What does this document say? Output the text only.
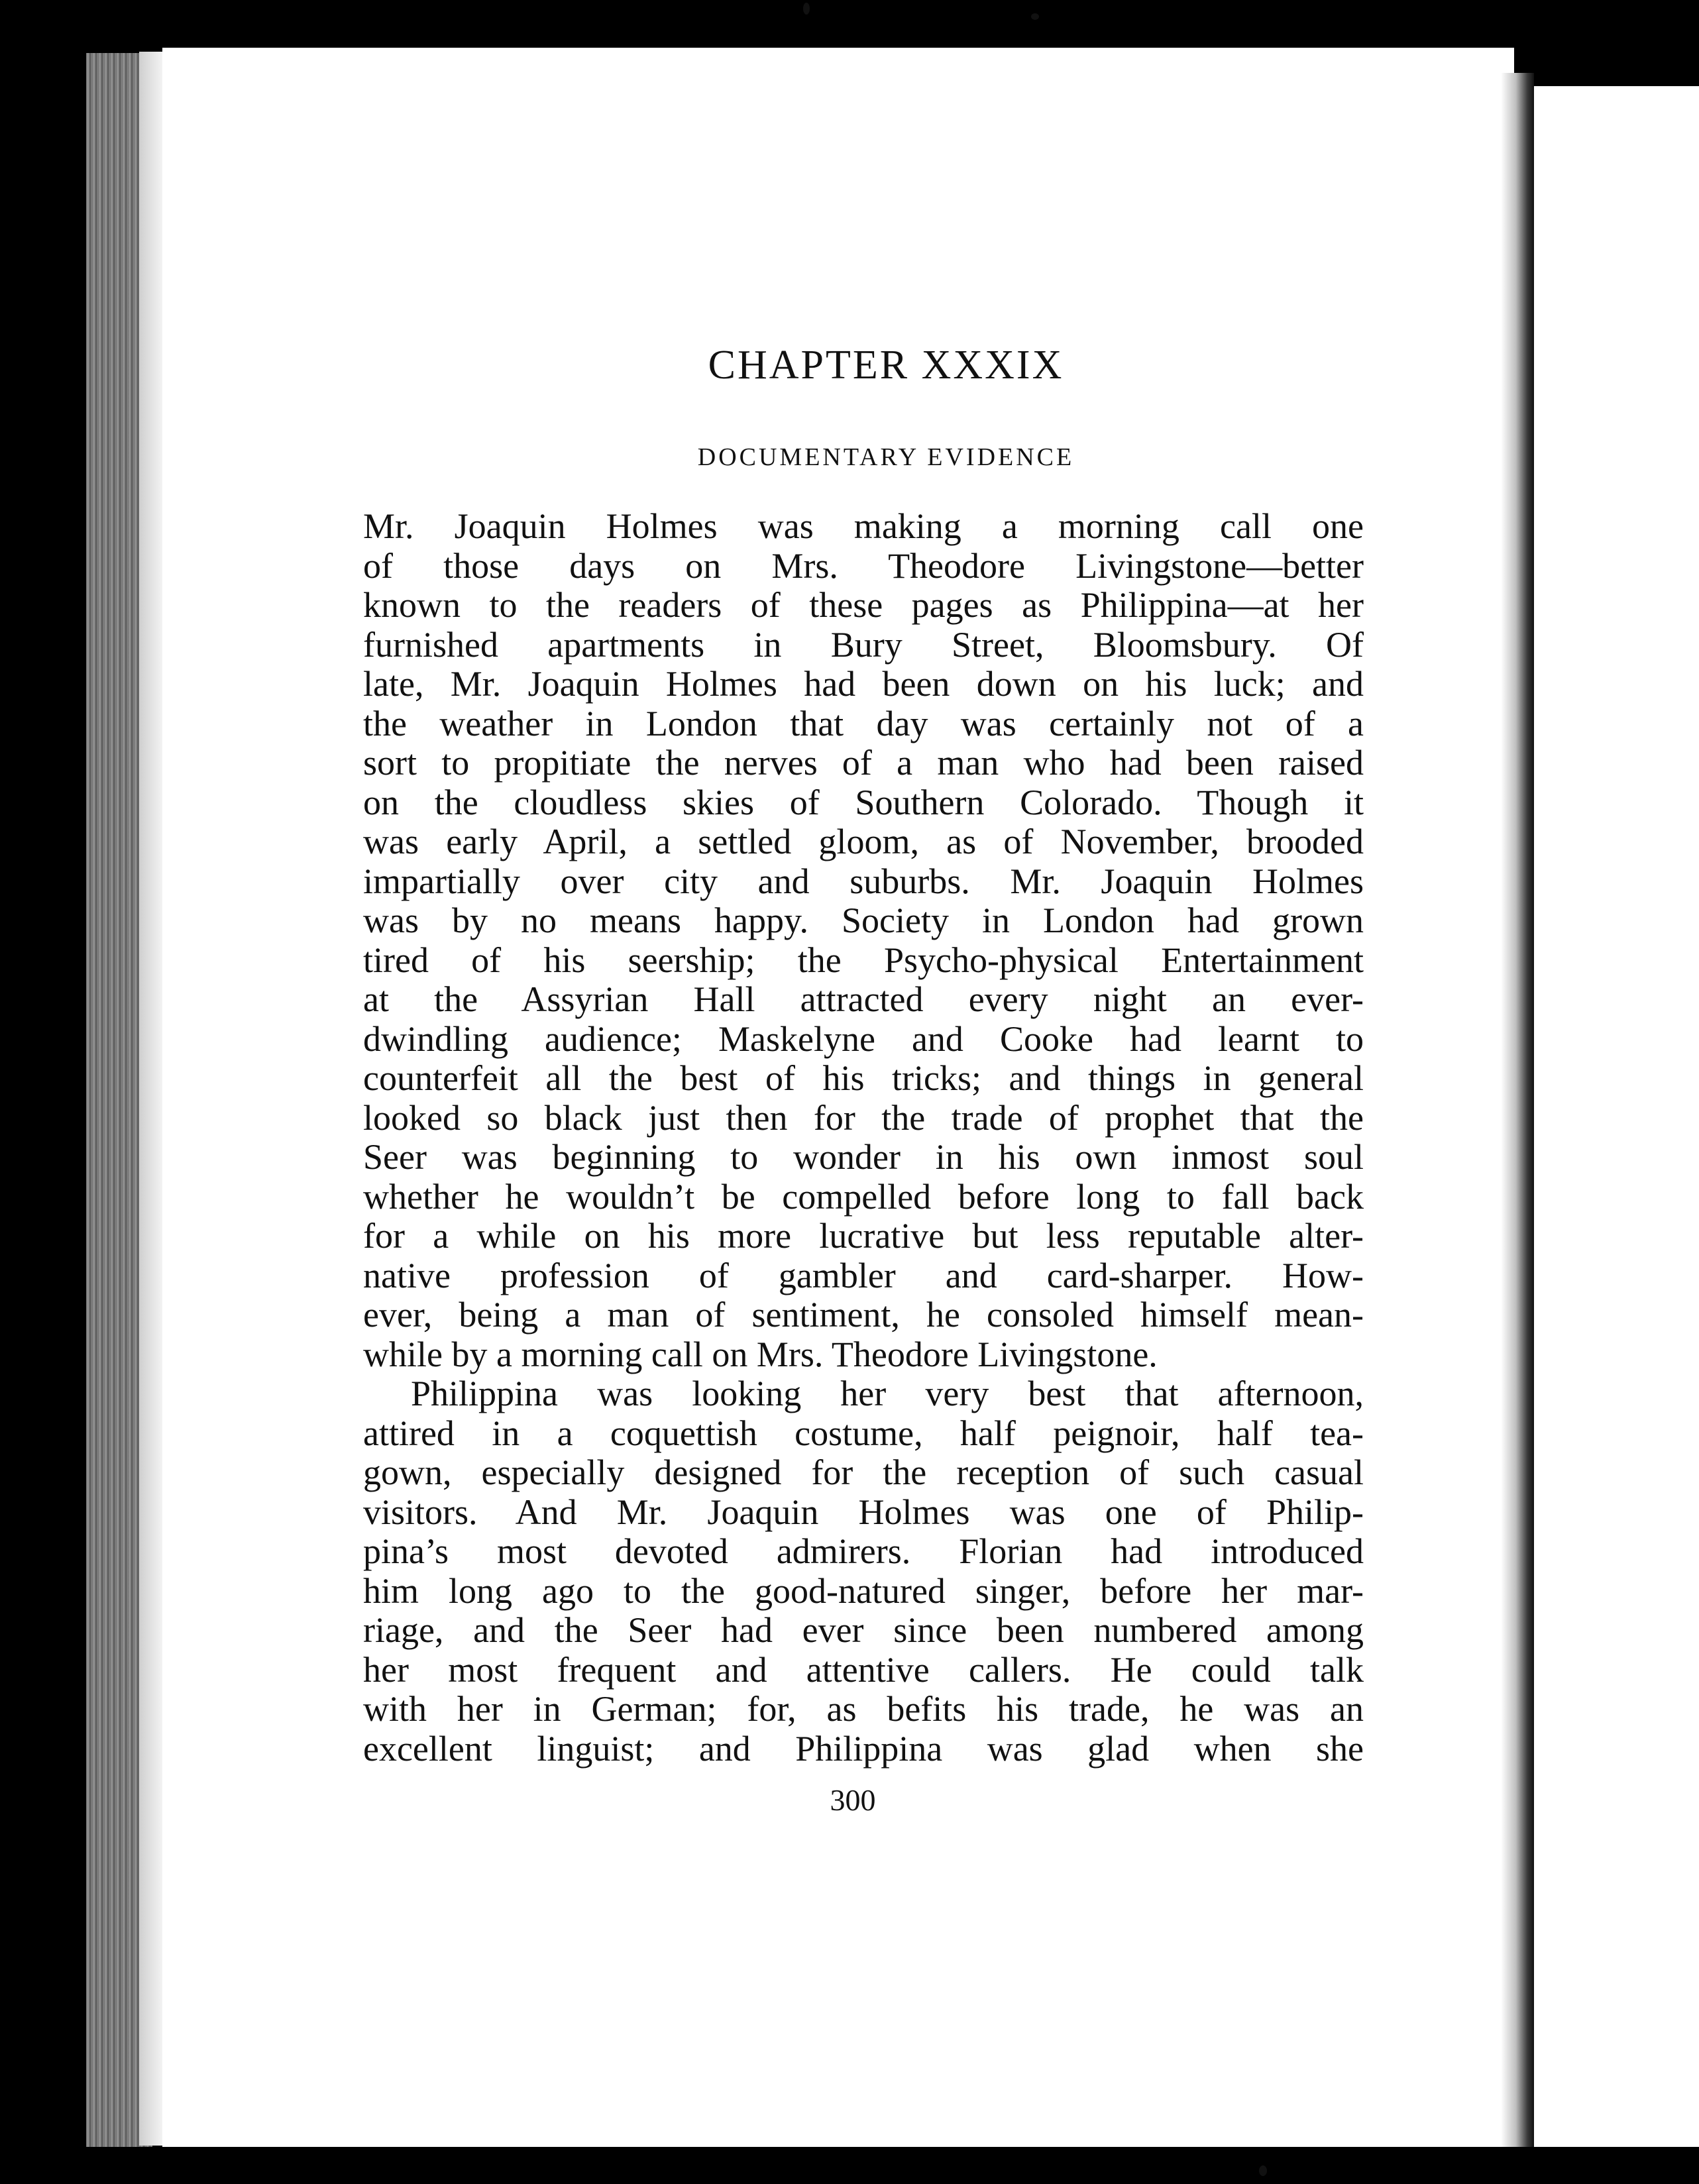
CHAPTER XXXIX
DOCUMENTARY EVIDENCE

Mr. Joaquin Holmes was making a morning call one
of those days on Mrs. Theodore Livingstone—better
known to the readers of these pages as Philippina—at her
furnished apartments in Bury Street, Bloomsbury. Of
late, Mr. Joaquin Holmes had been down on his luck; and
the weather in London that day was certainly not of a
sort to propitiate the nerves of a man who had been raised
on the cloudless skies of Southern Colorado. Though it
was early April, a settled gloom, as of November, brooded
impartially over city and suburbs. Mr. Joaquin Holmes
was by no means happy. Society in London had grown
tired of his seership; the Psycho-physical Entertainment
at the Assyrian Hall attracted every night an ever-
dwindling audience; Maskelyne and Cooke had learnt to
counterfeit all the best of his tricks; and things in general
looked so black just then for the trade of prophet that the
Seer was beginning to wonder in his own inmost soul
whether he wouldn’t be compelled before long to fall back
for a while on his more lucrative but less reputable alter-
native profession of gambler and card-sharper. How-
ever, being a man of sentiment, he consoled himself mean-
while by a morning call on Mrs. Theodore Livingstone.

Philippina was looking her very best that afternoon,
attired in a coquettish costume, half peignoir, half tea-
gown, especially designed for the reception of such casual
visitors. And Mr. Joaquin Holmes was one of Philip-
pina’s most devoted admirers. Florian had introduced
him long ago to the good-natured singer, before her mar-
riage, and the Seer had ever since been numbered among
her most frequent and attentive callers. He could talk
with her in German; for, as befits his trade, he was an
excellent linguist; and Philippina was glad when she

300
